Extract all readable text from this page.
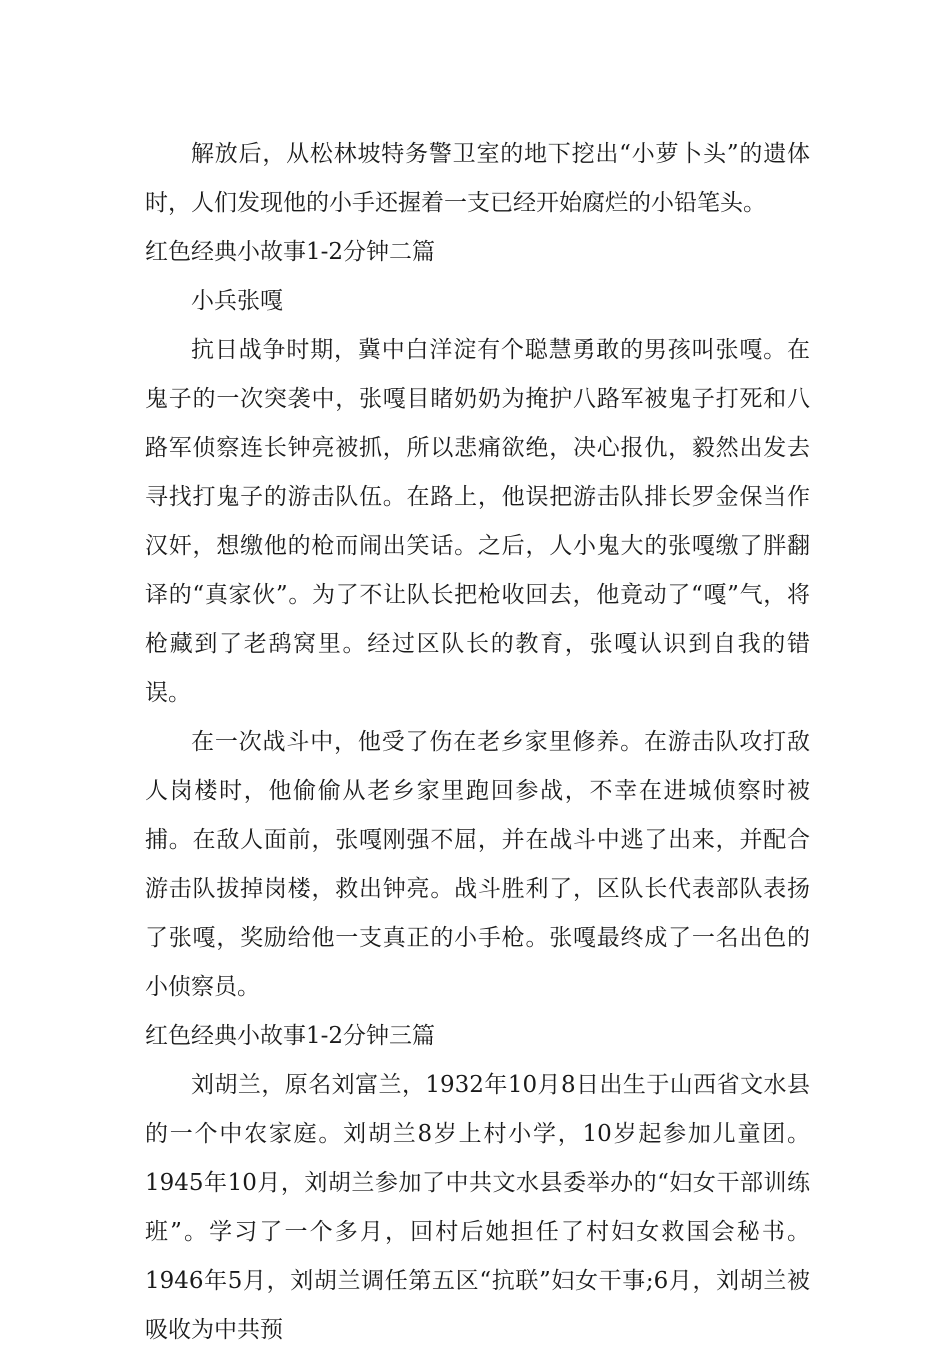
解放后，从松林坡特务警卫室的地下挖出“小萝卜头”的遗体时，人们发现他的小手还握着一支已经开始腐烂的小铅笔头。

红色经典小故事1-2分钟二篇

小兵张嘎

抗日战争时期，冀中白洋淀有个聪慧勇敢的男孩叫张嘎。在鬼子的一次突袭中，张嘎目睹奶奶为掩护八路军被鬼子打死和八路军侦察连长钟亮被抓，所以悲痛欲绝，决心报仇，毅然出发去寻找打鬼子的游击队伍。在路上，他误把游击队排长罗金保当作汉奸，想缴他的枪而闹出笑话。之后，人小鬼大的张嘎缴了胖翻译的“真家伙”。为了不让队长把枪收回去，他竟动了“嘎”气，将枪藏到了老鸹窝里。经过区队长的教育，张嘎认识到自我的错误。

在一次战斗中，他受了伤在老乡家里修养。在游击队攻打敌人岗楼时，他偷偷从老乡家里跑回参战，不幸在进城侦察时被捕。在敌人面前，张嘎刚强不屈，并在战斗中逃了出来，并配合游击队拔掉岗楼，救出钟亮。战斗胜利了，区队长代表部队表扬了张嘎，奖励给他一支真正的小手枪。张嘎最终成了一名出色的小侦察员。

红色经典小故事1-2分钟三篇

刘胡兰，原名刘富兰，1932年10月8日出生于山西省文水县的一个中农家庭。刘胡兰8岁上村小学，10岁起参加儿童团。1945年10月，刘胡兰参加了中共文水县委举办的“妇女干部训练班”。学习了一个多月，回村后她担任了村妇女救国会秘书。1946年5月，刘胡兰调任第五区“抗联”妇女干事;6月，刘胡兰被吸收为中共预
